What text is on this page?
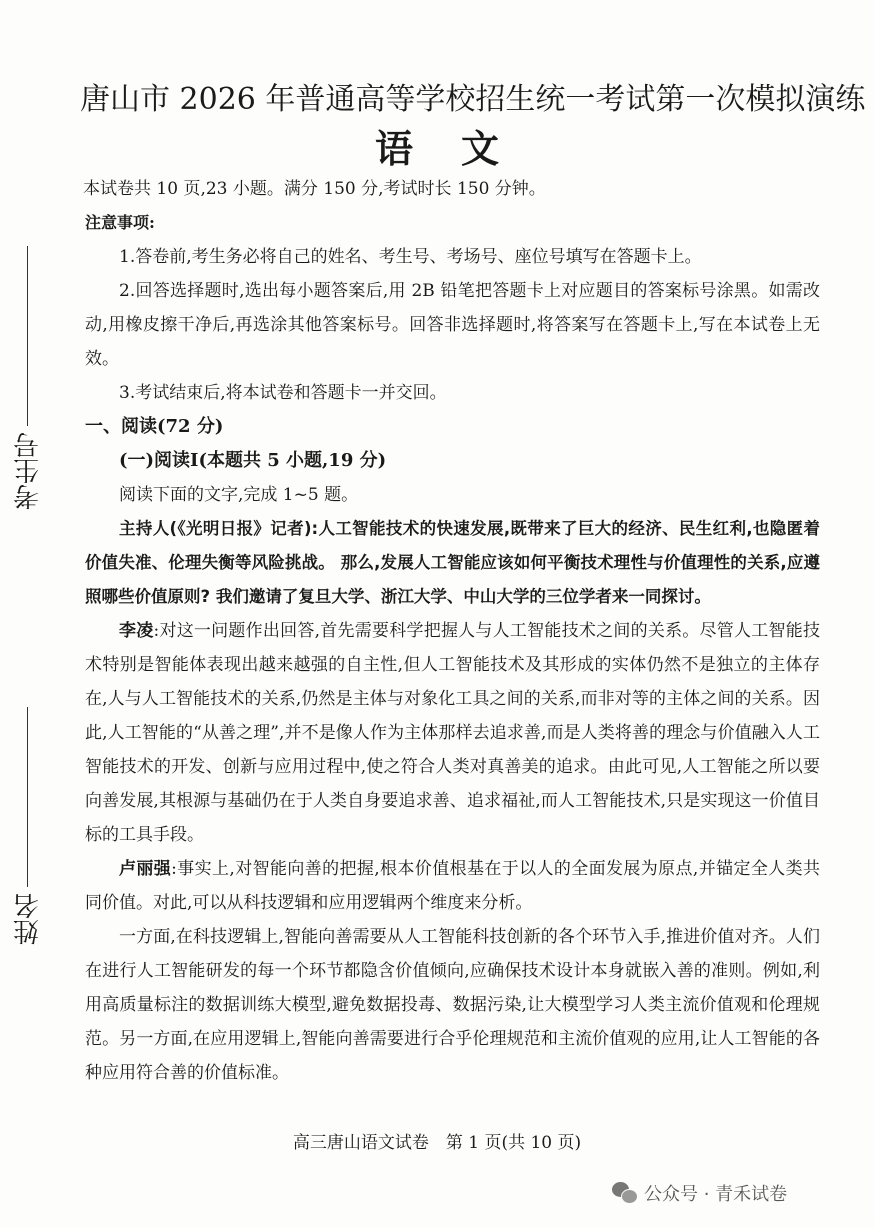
唐山市 2026 年普通高等学校招生统一考试第一次模拟演练
语文
考生号
姓名

本试卷共 10 页,23 小题。满分 150 分,考试时长 150 分钟。

注意事项:

1.答卷前,考生务必将自己的姓名、考生号、考场号、座位号填写在答题卡上。

2.回答选择题时,选出每小题答案后,用 2B 铅笔把答题卡上对应题目的答案标号涂黑。如需改动,用橡皮擦干净后,再选涂其他答案标号。回答非选择题时,将答案写在答题卡上,写在本试卷上无效。

3.考试结束后,将本试卷和答题卡一并交回。

一、阅读(72 分)

(一)阅读Ⅰ(本题共 5 小题,19 分)

阅读下面的文字,完成 1~5 题。

主持人(《光明日报》记者):人工智能技术的快速发展,既带来了巨大的经济、民生红利,也隐匿着价值失准、伦理失衡等风险挑战。 那么,发展人工智能应该如何平衡技术理性与价值理性的关系,应遵照哪些价值原则? 我们邀请了复旦大学、浙江大学、中山大学的三位学者来一同探讨。

李凌:对这一问题作出回答,首先需要科学把握人与人工智能技术之间的关系。尽管人工智能技术特别是智能体表现出越来越强的自主性,但人工智能技术及其形成的实体仍然不是独立的主体存在,人与人工智能技术的关系,仍然是主体与对象化工具之间的关系,而非对等的主体之间的关系。因此,人工智能的“从善之理”,并不是像人作为主体那样去追求善,而是人类将善的理念与价值融入人工智能技术的开发、创新与应用过程中,使之符合人类对真善美的追求。由此可见,人工智能之所以要向善发展,其根源与基础仍在于人类自身要追求善、追求福祉,而人工智能技术,只是实现这一价值目标的工具手段。

卢丽强:事实上,对智能向善的把握,根本价值根基在于以人的全面发展为原点,并锚定全人类共同价值。对此,可以从科技逻辑和应用逻辑两个维度来分析。

一方面,在科技逻辑上,智能向善需要从人工智能科技创新的各个环节入手,推进价值对齐。人们在进行人工智能研发的每一个环节都隐含价值倾向,应确保技术设计本身就嵌入善的准则。例如,利用高质量标注的数据训练大模型,避免数据投毒、数据污染,让大模型学习人类主流价值观和伦理规范。另一方面,在应用逻辑上,智能向善需要进行合乎伦理规范和主流价值观的应用,让人工智能的各种应用符合善的价值标准。

高三唐山语文试卷　第 1 页(共 10 页)
公众号 · 青禾试卷
